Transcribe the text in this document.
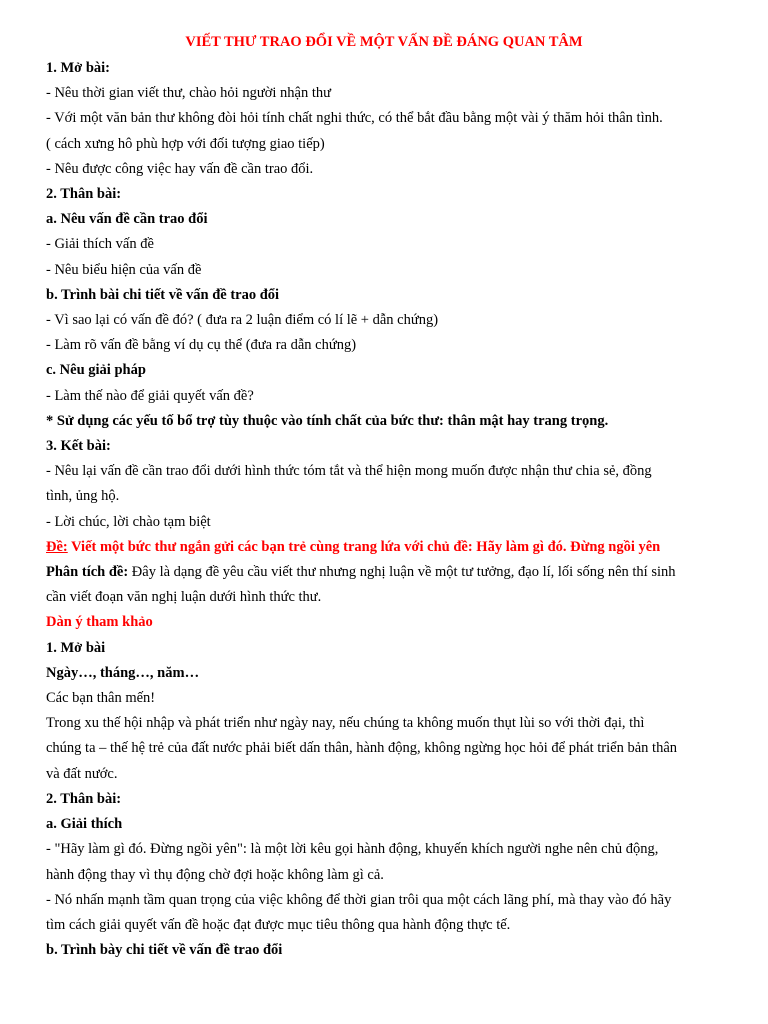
VIẾT THƯ TRAO ĐỔI VỀ MỘT VẤN ĐỀ ĐÁNG QUAN TÂM

1. Mở bài:

- Nêu thời gian viết thư, chào hỏi người nhận thư

- Với một văn bản thư không đòi hỏi tính chất nghi thức, có thể bắt đầu bằng một vài ý thăm hỏi thân tình.

( cách xưng hô phù hợp với đối tượng giao tiếp)

- Nêu được công việc hay vấn đề cần trao đổi.

2. Thân bài:

a. Nêu vấn đề cần trao đổi

- Giải thích vấn đề

- Nêu biểu hiện của vấn đề

b. Trình bài chi tiết về vấn đề trao đổi

- Vì sao lại có vấn đề đó? ( đưa ra 2 luận điểm có lí lẽ + dẫn chứng)

- Làm rõ vấn đề bằng ví dụ cụ thể (đưa ra dẫn chứng)

c. Nêu giải pháp

- Làm thế nào để giải quyết vấn đề?

* Sử dụng các yếu tố bổ trợ tùy thuộc vào tính chất của bức thư: thân mật hay trang trọng.

3. Kết bài:

- Nêu lại vấn đề cần trao đổi dưới hình thức tóm tắt và thể hiện mong muốn được nhận thư chia sẻ, đồng

tình, ủng hộ.

- Lời chúc, lời chào tạm biệt

Đề: Viết một bức thư ngắn gửi các bạn trẻ cùng trang lứa với chủ đề: Hãy làm gì đó. Đừng ngồi yên

Phân tích đề: Đây là dạng đề yêu cầu viết thư nhưng nghị luận về một tư tưởng, đạo lí, lối sống nên thí sinh

cần viết đoạn văn nghị luận dưới hình thức thư.

Dàn ý tham khảo

1. Mở bài

Ngày…, tháng…, năm…

Các bạn thân mến!

Trong xu thế hội nhập và phát triển như ngày nay, nếu chúng ta không muốn thụt lùi so với thời đại, thì

chúng ta – thế hệ trẻ của đất nước phải biết dấn thân, hành động, không ngừng học hỏi để phát triển bản thân

và đất nước.

2. Thân bài:

a. Giải thích

- "Hãy làm gì đó. Đừng ngồi yên": là một lời kêu gọi hành động, khuyến khích người nghe nên chủ động,

hành động thay vì thụ động chờ đợi hoặc không làm gì cả.

- Nó nhấn mạnh tầm quan trọng của việc không để thời gian trôi qua một cách lãng phí, mà thay vào đó hãy

tìm cách giải quyết vấn đề hoặc đạt được mục tiêu thông qua hành động thực tế.

b. Trình bày chi tiết về vấn đề trao đổi
